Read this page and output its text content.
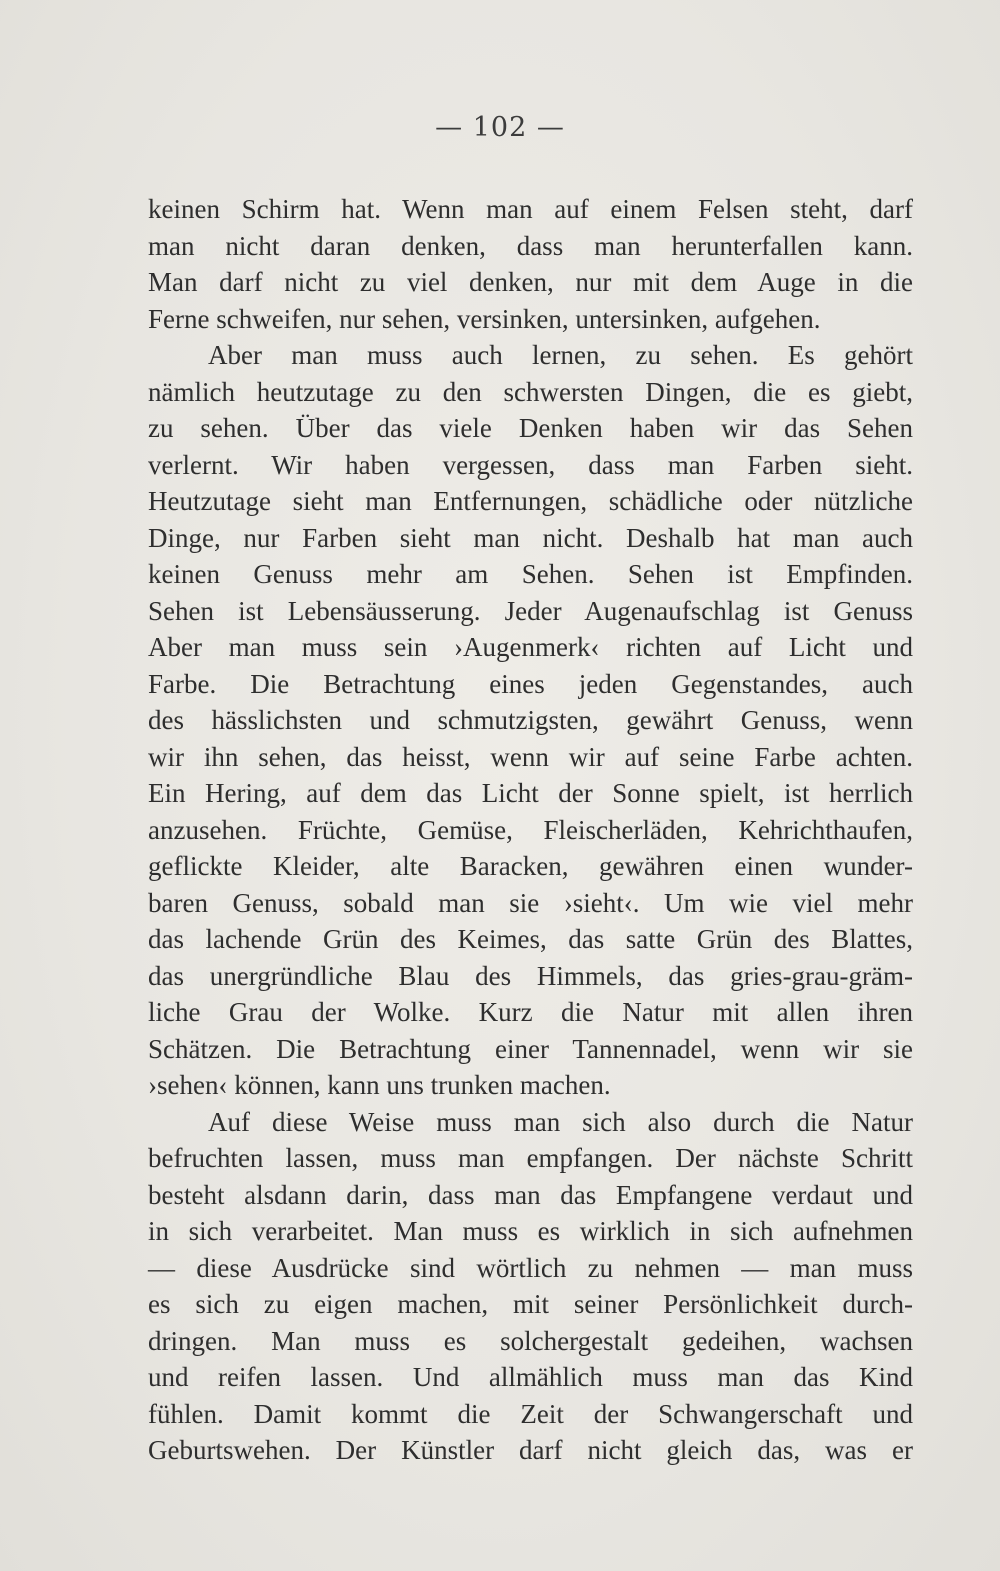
— 102 —
keinen Schirm hat. Wenn man auf einem Felsen steht, darf
man nicht daran denken, dass man herunterfallen kann.
Man darf nicht zu viel denken, nur mit dem Auge in die
Ferne schweifen, nur sehen, versinken, untersinken, aufgehen.
Aber man muss auch lernen, zu sehen. Es gehört
nämlich heutzutage zu den schwersten Dingen, die es giebt,
zu sehen. Über das viele Denken haben wir das Sehen
verlernt. Wir haben vergessen, dass man Farben sieht.
Heutzutage sieht man Entfernungen, schädliche oder nützliche
Dinge, nur Farben sieht man nicht. Deshalb hat man auch
keinen Genuss mehr am Sehen. Sehen ist Empfinden.
Sehen ist Lebensäusserung. Jeder Augenaufschlag ist Genuss
Aber man muss sein ›Augenmerk‹ richten auf Licht und
Farbe. Die Betrachtung eines jeden Gegenstandes, auch
des hässlichsten und schmutzigsten, gewährt Genuss, wenn
wir ihn sehen, das heisst, wenn wir auf seine Farbe achten.
Ein Hering, auf dem das Licht der Sonne spielt, ist herrlich
anzusehen. Früchte, Gemüse, Fleischerläden, Kehrichthaufen,
geflickte Kleider, alte Baracken, gewähren einen wunder-
baren Genuss, sobald man sie ›sieht‹. Um wie viel mehr
das lachende Grün des Keimes, das satte Grün des Blattes,
das unergründliche Blau des Himmels, das gries-grau-gräm-
liche Grau der Wolke. Kurz die Natur mit allen ihren
Schätzen. Die Betrachtung einer Tannennadel, wenn wir sie
›sehen‹ können, kann uns trunken machen.
Auf diese Weise muss man sich also durch die Natur
befruchten lassen, muss man empfangen. Der nächste Schritt
besteht alsdann darin, dass man das Empfangene verdaut und
in sich verarbeitet. Man muss es wirklich in sich aufnehmen
— diese Ausdrücke sind wörtlich zu nehmen — man muss
es sich zu eigen machen, mit seiner Persönlichkeit durch-
dringen. Man muss es solchergestalt gedeihen, wachsen
und reifen lassen. Und allmählich muss man das Kind
fühlen. Damit kommt die Zeit der Schwangerschaft und
Geburtswehen. Der Künstler darf nicht gleich das, was er
